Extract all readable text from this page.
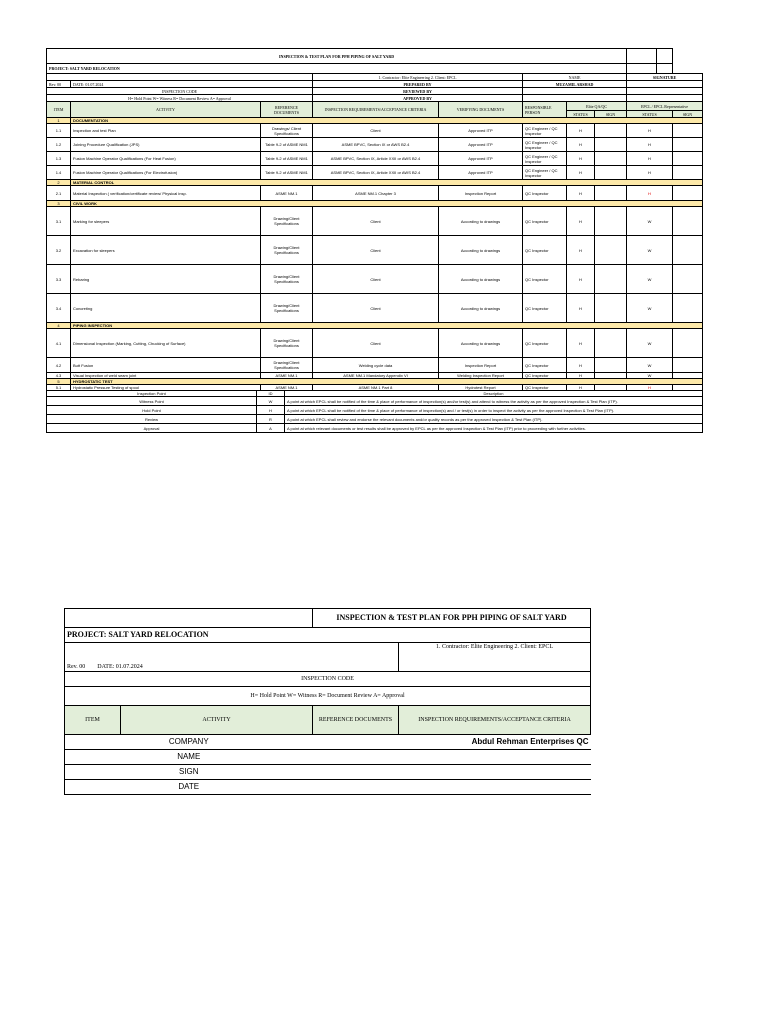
INSPECTION & TEST PLAN FOR PPH PIPING OF SALT YARD						
PROJECT: SALT YARD RELOCATION						
		1. Contractor: Elite Engineering 2. Client: EPCL	NAME	SIGNATURE		
Rev. 00	DATE: 01.07.2024	PREPARED BY	MUZAMIL ARSHAD			
INSPECTION CODE		REVIEWED BY				
H= Hold Point W= Witness R= Document Review A= Approval		APPROVED BY				
ITEM	ACTIVITY	REFERENCE DOCUMENTS	INSPECTION REQUIREMENTS/ACCEPTANCE CRITERIA	VERIFYING DOCUMENTS	RESPONSIBLE PERSON	Elite QA/QC		EPCL / EPCL Representative	
						STATUS	SIGN	STATUS	SIGN
1	DOCUMENTATION								
1.1	Inspection and test Plan	Drawings/ Client Specifications	Client	Approved ITP	QC Engineer / QC Inspector	H		H	
1.2	Joining Procedure Qualification (JPS)	Table 9-2 of ASME NM1	ASME BPVC, Section IX or AWS B2.4	Approved ITP	QC Engineer / QC Inspector	H		H	
1.3	Fusion Machine Operator Qualifications (For Heat Fusion)	Table 9-2 of ASME NM1	ASME BPVC, Section IX, Article XXII or AWS B2.4	Approved ITP	QC Engineer / QC Inspector	H		H	
1.4	Fusion Machine Operator Qualifications (For Electrofusion)	Table 9-2 of ASME NM1	ASME BPVC, Section IX, Article XXII or AWS B2.4	Approved ITP	QC Engineer / QC Inspector	H		H	
2	MATERIAL CONTROL								
2.1	Material Inspection ( verification/certificate review/ Physical insp.	ASME NM.1	ASME NM.1 Chapter 3	Inspection Report	QC Inspector	H		H	
3	CIVIL WORK								
3.1	Marking for sleepers	Drawing/Client Specifications	Client	According to drawings	QC Inspector	H		W	
3.2	Excavation for sleepers	Drawing/Client Specifications	Client	According to drawings	QC Inspector	H		W	
3.3	Rebaring	Drawing/Client Specifications	Client	According to drawings	QC Inspector	H		W	
3.4	Concreting	Drawing/Client Specifications	Client	According to drawings	QC Inspector	H		W	
4	PIPING INSPECTION								
4.1	Dimensional Inspection (Marking, Cutting, Chucking of Surface)	Drawing/Client Specifications	Client	According to drawings	QC Inspector	H		W	
4.2	Butt Fusion	Drawing/Client Specifications	Welding cycle data	Inspection Report	QC Inspector	H		W	
4.3	Visual Inspection of weld seam joint	ASME NM.1	ASME NM.1 Mandatory Appendix VI	Welding Inspection Report	QC Inspector	H		W	
5	HYDROSTATIC TEST								
5.1	Hydrostatic Pressure Testing of spool	ASME NM.1	ASME NM.1 Part 8	Hydrotest Report	QC Inspector	H		H	
Inspection Point	ID	Description
Witness Point	W	A point at which EPCL shall be notified of the time & place of performance of inspection(s) and/or test(s) and attend to witness the activity as per the approved Inspection & Test Plan (ITP).
Hold Point	H	A point at which EPCL shall be notified of the time & place of performance of inspection(s) and / or test(s) in order to inspect the activity as per the approved Inspection & Test Plan (ITP).
Review	R	A point at which EPCL shall review and endorse the relevant documents and/or quality records as per the approved Inspection & Test Plan (ITP).
Approval	A	A point at which relevant documents or test results shall be approved by EPCL as per the approved Inspection & Test Plan (ITP) prior to proceeding with further activities.
		INSPECTION & TEST PLAN FOR PPH PIPING OF SALT YARD	
PROJECT: SALT YARD RELOCATION			
Rev. 00 DATE: 01.07.2024			1. Contractor: Elite Engineering 2. Client: EPCL
INSPECTION CODE			
H= Hold Point W= Witness R= Document Review A= Approval			
ITEM	ACTIVITY	REFERENCE DOCUMENTS	INSPECTION REQUIREMENTS/ACCEPTANCE CRITERIA
COMPANY	Abdul Rehman Enterprises QC
NAME	
SIGN	
DATE	
